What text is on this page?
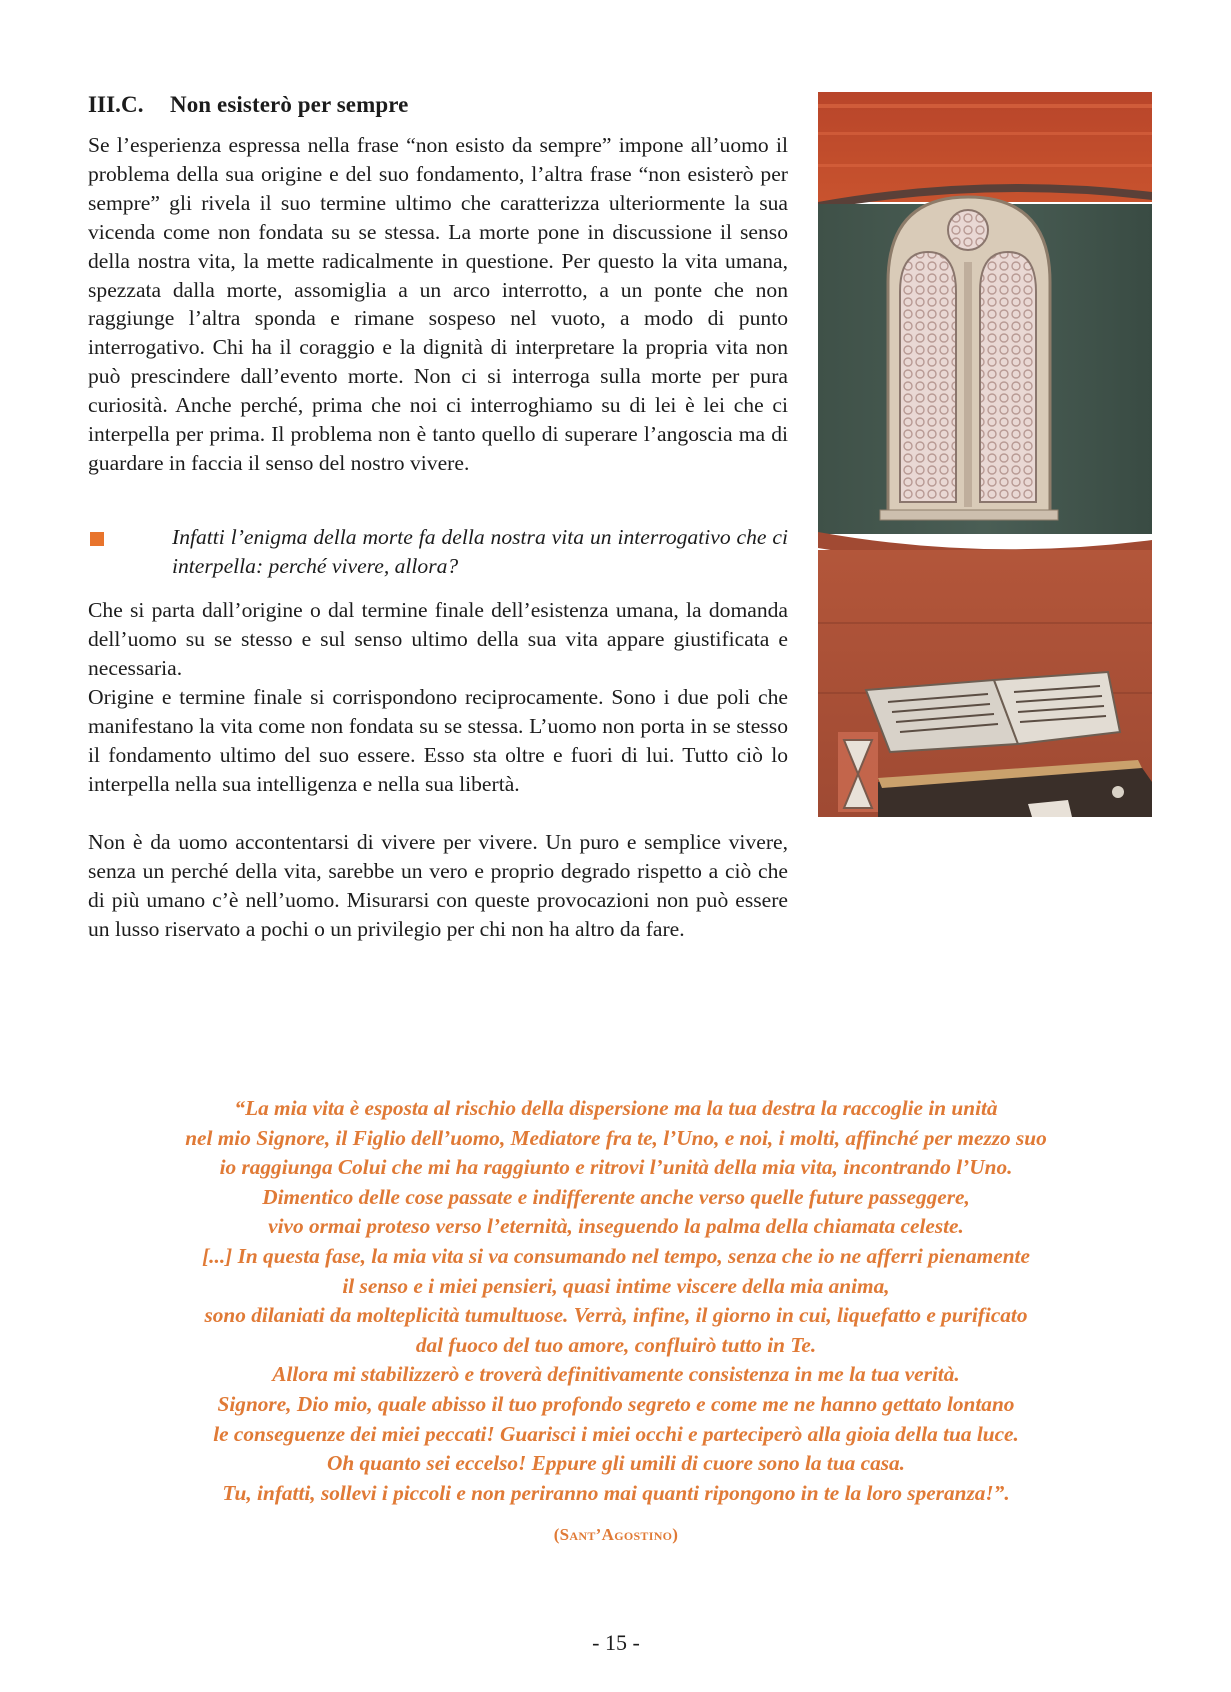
III.C. Non esisterò per sempre

Se l’esperienza espressa nella frase “non esisto da sempre” impone all’uomo il problema della sua origine e del suo fondamento, l’altra frase “non esisterò per sempre” gli rivela il suo termine ultimo che caratterizza ulteriormente la sua vicenda come non fondata su se stessa. La morte pone in discussione il senso della nostra vita, la mette radicalmente in questione. Per questo la vita umana, spezzata dalla morte, assomiglia a un arco interrotto, a un ponte che non raggiunge l’altra sponda e rimane sospeso nel vuoto, a modo di punto interrogativo. Chi ha il coraggio e la dignità di interpretare la propria vita non può prescindere dall’evento morte. Non ci si interroga sulla morte per pura curiosità. Anche perché, prima che noi ci interroghiamo su di lei è lei che ci interpella per prima. Il problema non è tanto quello di superare l’angoscia ma di guardare in faccia il senso del nostro vivere.

Infatti l’enigma della morte fa della nostra vita un interrogativo che ci interpella: perché vivere, allora?

Che si parta dall’origine o dal termine finale dell’esistenza umana, la domanda dell’uomo su se stesso e sul senso ultimo della sua vita appare giustificata e necessaria.

Origine e termine finale si corrispondono reciprocamente. Sono i due poli che manifestano la vita come non fondata su se stessa. L’uomo non porta in se stesso il fondamento ultimo del suo essere. Esso sta oltre e fuori di lui. Tutto ciò lo interpella nella sua intelligenza e nella sua libertà.

Non è da uomo accontentarsi di vivere per vivere. Un puro e semplice vivere, senza un perché della vita, sarebbe un vero e proprio degrado rispetto a ciò che di più umano c’è nell’uomo. Misurarsi con queste provocazioni non può essere un lusso riservato a pochi o un privilegio per chi non ha altro da fare.

“La mia vita è esposta al rischio della dispersione ma la tua destra la raccoglie in unità
nel mio Signore, il Figlio dell’uomo, Mediatore fra te, l’Uno, e noi, i molti, affinché per mezzo suo
io raggiunga Colui che mi ha raggiunto e ritrovi l’unità della mia vita, incontrando l’Uno.
Dimentico delle cose passate e indifferente anche verso quelle future passeggere,
vivo ormai proteso verso l’eternità, inseguendo la palma della chiamata celeste.
[...] In questa fase, la mia vita si va consumando nel tempo, senza che io ne afferri pienamente
il senso e i miei pensieri, quasi intime viscere della mia anima,
sono dilaniati da molteplicità tumultuose. Verrà, infine, il giorno in cui, liquefatto e purificato
dal fuoco del tuo amore, confluirò tutto in Te.
Allora mi stabilizzerò e troverà definitivamente consistenza in me la tua verità.
Signore, Dio mio, quale abisso il tuo profondo segreto e come me ne hanno gettato lontano
le conseguenze dei miei peccati! Guarisci i miei occhi e parteciperò alla gioia della tua luce.
Oh quanto sei eccelso! Eppure gli umili di cuore sono la tua casa.
Tu, infatti, sollevi i piccoli e non periranno mai quanti ripongono in te la loro speranza!”.

(Sant’Agostino)

- 15 -
